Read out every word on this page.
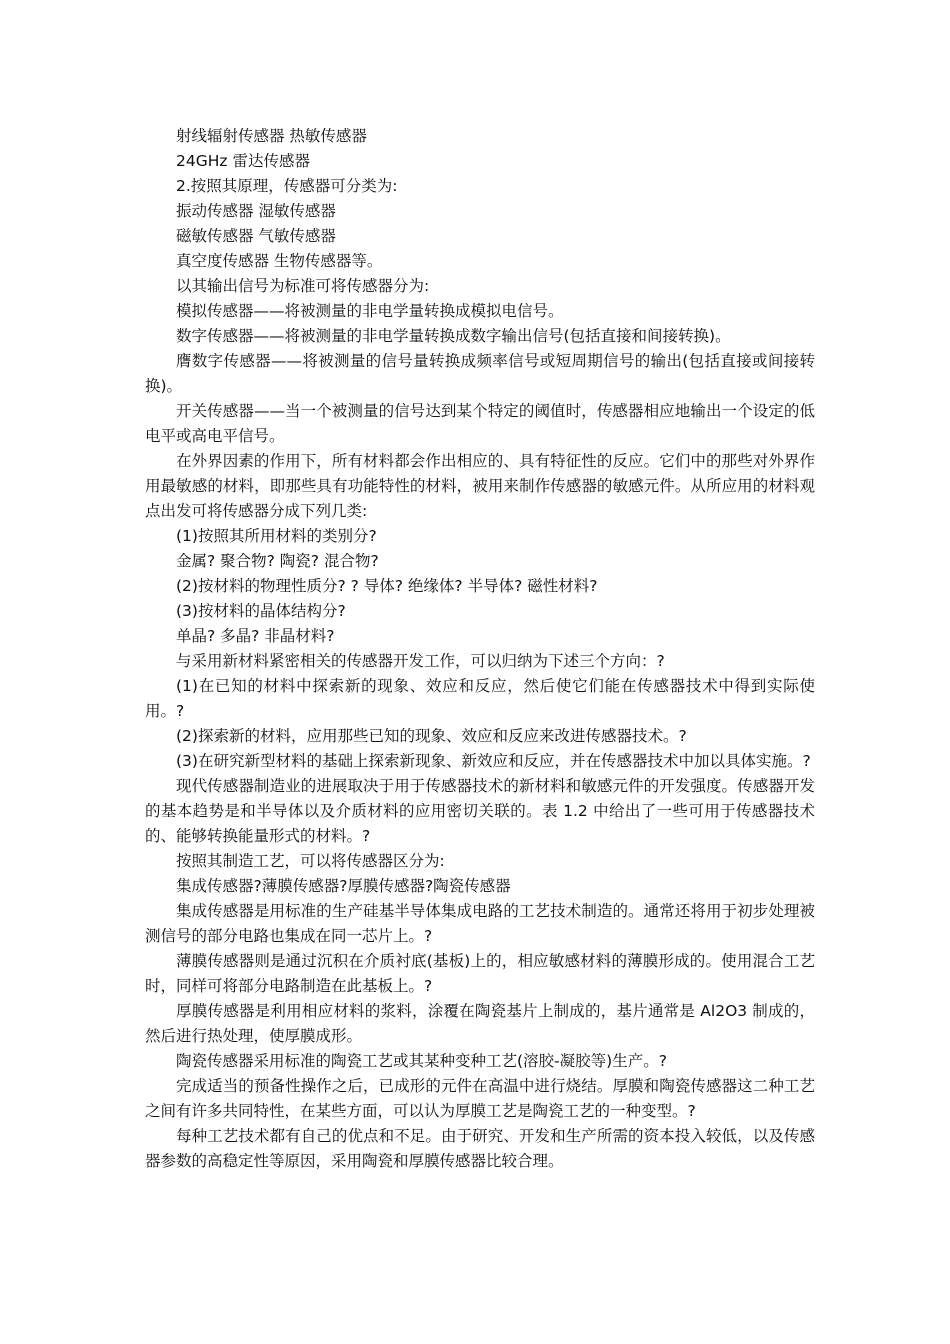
射线辐射传感器 热敏传感器

24GHz 雷达传感器

2.按照其原理，传感器可分类为:

振动传感器 湿敏传感器

磁敏传感器 气敏传感器

真空度传感器 生物传感器等。

以其输出信号为标准可将传感器分为:

模拟传感器——将被测量的非电学量转换成模拟电信号。

数字传感器——将被测量的非电学量转换成数字输出信号(包括直接和间接转换)。

膺数字传感器——将被测量的信号量转换成频率信号或短周期信号的输出(包括直接或间接转换)。

开关传感器——当一个被测量的信号达到某个特定的阈值时，传感器相应地输出一个设定的低电平或高电平信号。

在外界因素的作用下，所有材料都会作出相应的、具有特征性的反应。它们中的那些对外界作用最敏感的材料，即那些具有功能特性的材料，被用来制作传感器的敏感元件。从所应用的材料观点出发可将传感器分成下列几类:

(1)按照其所用材料的类别分?

金属? 聚合物? 陶瓷? 混合物?

(2)按材料的物理性质分? ? 导体? 绝缘体? 半导体? 磁性材料?

(3)按材料的晶体结构分?

单晶? 多晶? 非晶材料?

与采用新材料紧密相关的传感器开发工作，可以归纳为下述三个方向：?

(1)在已知的材料中探索新的现象、效应和反应，然后使它们能在传感器技术中得到实际使用。?

(2)探索新的材料，应用那些已知的现象、效应和反应来改进传感器技术。?

(3)在研究新型材料的基础上探索新现象、新效应和反应，并在传感器技术中加以具体实施。?

现代传感器制造业的进展取决于用于传感器技术的新材料和敏感元件的开发强度。传感器开发的基本趋势是和半导体以及介质材料的应用密切关联的。表 1.2 中给出了一些可用于传感器技术的、能够转换能量形式的材料。?

按照其制造工艺，可以将传感器区分为:

集成传感器?薄膜传感器?厚膜传感器?陶瓷传感器

集成传感器是用标准的生产硅基半导体集成电路的工艺技术制造的。通常还将用于初步处理被测信号的部分电路也集成在同一芯片上。?

薄膜传感器则是通过沉积在介质衬底(基板)上的，相应敏感材料的薄膜形成的。使用混合工艺时，同样可将部分电路制造在此基板上。?

厚膜传感器是利用相应材料的浆料，涂覆在陶瓷基片上制成的，基片通常是 Al2O3 制成的，然后进行热处理，使厚膜成形。

陶瓷传感器采用标准的陶瓷工艺或其某种变种工艺(溶胶-凝胶等)生产。?

完成适当的预备性操作之后，已成形的元件在高温中进行烧结。厚膜和陶瓷传感器这二种工艺之间有许多共同特性，在某些方面，可以认为厚膜工艺是陶瓷工艺的一种变型。?

每种工艺技术都有自己的优点和不足。由于研究、开发和生产所需的资本投入较低，以及传感器参数的高稳定性等原因，采用陶瓷和厚膜传感器比较合理。
